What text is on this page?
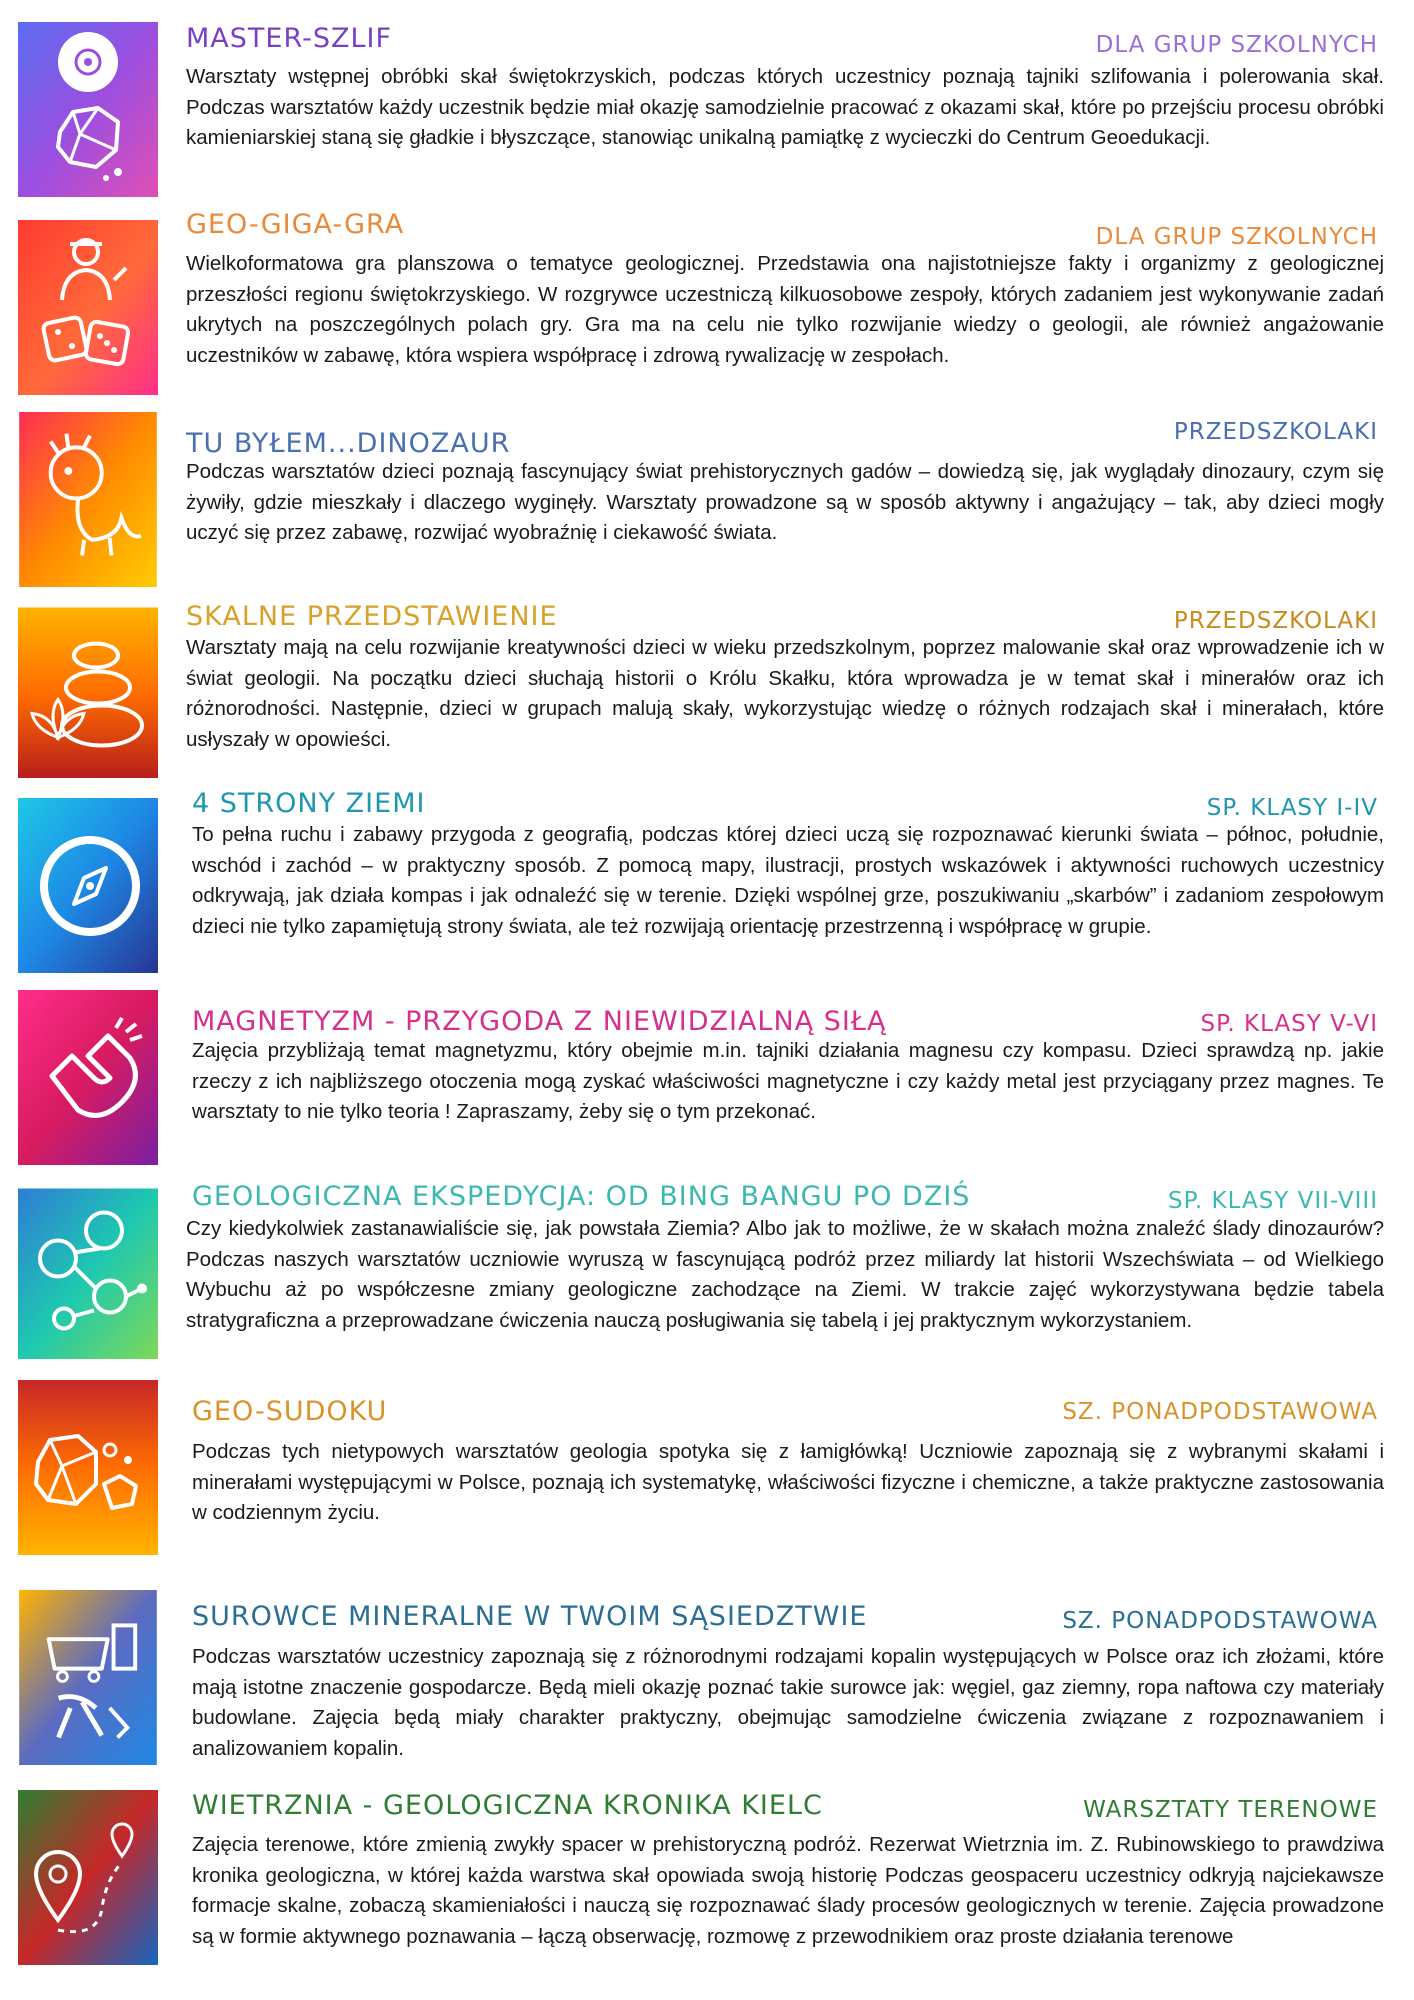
MASTER-SZLIF	DLA GRUP SZKOLNYCH

Warsztaty wstępnej obróbki skał świętokrzyskich, podczas których uczestnicy poznają tajniki szlifowania i polerowania skał. Podczas warsztatów każdy uczestnik będzie miał okazję samodzielnie pracować z okazami skał, które po przejściu procesu obróbki kamieniarskiej staną się gładkie i błyszczące, stanowiąc unikalną pamiątkę z wycieczki do Centrum Geoedukacji.

GEO-GIGA-GRA	DLA GRUP SZKOLNYCH

Wielkoformatowa gra planszowa o tematyce geologicznej. Przedstawia ona najistotniejsze fakty i organizmy z geologicznej przeszłości regionu świętokrzyskiego. W rozgrywce uczestniczą kilkuosobowe zespoły, których zadaniem jest wykonywanie zadań ukrytych na poszczególnych polach gry. Gra ma na celu nie tylko rozwijanie wiedzy o geologii, ale również angażowanie uczestników w zabawę, która wspiera współpracę i zdrową rywalizację w zespołach.

TU BYŁEM...DINOZAUR	PRZEDSZKOLAKI

Podczas warsztatów dzieci poznają fascynujący świat prehistorycznych gadów – dowiedzą się, jak wyglądały dinozaury, czym się żywiły, gdzie mieszkały i dlaczego wyginęły. Warsztaty prowadzone są w sposób aktywny i angażujący – tak, aby dzieci mogły uczyć się przez zabawę, rozwijać wyobraźnię i ciekawość świata.

SKALNE PRZEDSTAWIENIE	PRZEDSZKOLAKI

Warsztaty mają na celu rozwijanie kreatywności dzieci w wieku przedszkolnym, poprzez malowanie skał oraz wprowadzenie ich w świat geologii. Na początku dzieci słuchają historii o Królu Skałku, która wprowadza je w temat skał i minerałów oraz ich różnorodności. Następnie, dzieci w grupach malują skały, wykorzystując wiedzę o różnych rodzajach skał i minerałach, które usłyszały w opowieści.

4 STRONY ZIEMI	SP. KLASY I-IV

To pełna ruchu i zabawy przygoda z geografią, podczas której dzieci uczą się rozpoznawać kierunki świata – północ, południe, wschód i zachód – w praktyczny sposób. Z pomocą mapy, ilustracji, prostych wskazówek i aktywności ruchowych uczestnicy odkrywają, jak działa kompas i jak odnaleźć się w terenie. Dzięki wspólnej grze, poszukiwaniu „skarbów” i zadaniom zespołowym dzieci nie tylko zapamiętują strony świata, ale też rozwijają orientację przestrzenną i współpracę w grupie.

MAGNETYZM - PRZYGODA Z NIEWIDZIALNĄ SIŁĄ	SP. KLASY V-VI

Zajęcia przybliżają temat magnetyzmu, który obejmie m.in. tajniki działania magnesu czy kompasu. Dzieci sprawdzą np. jakie rzeczy z ich najbliższego otoczenia mogą zyskać właściwości magnetyczne i czy każdy metal jest przyciągany przez magnes. Te warsztaty to nie tylko teoria ! Zapraszamy, żeby się o tym przekonać.

GEOLOGICZNA EKSPEDYCJA: OD BING BANGU PO DZIŚ	SP. KLASY VII-VIII

Czy kiedykolwiek zastanawialiście się, jak powstała Ziemia? Albo jak to możliwe, że w skałach można znaleźć ślady dinozaurów? Podczas naszych warsztatów uczniowie wyruszą w fascynującą podróż przez miliardy lat historii Wszechświata – od Wielkiego Wybuchu aż po współczesne zmiany geologiczne zachodzące na Ziemi. W trakcie zajęć wykorzystywana będzie tabela stratygraficzna a przeprowadzane ćwiczenia nauczą posługiwania się tabelą i jej praktycznym wykorzystaniem.

GEO-SUDOKU	SZ. PONADPODSTAWOWA

Podczas tych nietypowych warsztatów geologia spotyka się z łamigłówką! Uczniowie zapoznają się z wybranymi skałami i minerałami występującymi w Polsce, poznają ich systematykę, właściwości fizyczne i chemiczne, a także praktyczne zastosowania w codziennym życiu.

SUROWCE MINERALNE W TWOIM SĄSIEDZTWIE	SZ. PONADPODSTAWOWA

Podczas warsztatów uczestnicy zapoznają się z różnorodnymi rodzajami kopalin występujących w Polsce oraz ich złożami, które mają istotne znaczenie gospodarcze. Będą mieli okazję poznać takie surowce jak: węgiel, gaz ziemny, ropa naftowa czy materiały budowlane. Zajęcia będą miały charakter praktyczny, obejmując samodzielne ćwiczenia związane z rozpoznawaniem i analizowaniem kopalin.

WIETRZNIA - GEOLOGICZNA KRONIKA KIELC	WARSZTATY TERENOWE

Zajęcia terenowe, które zmienią zwykły spacer w prehistoryczną podróż. Rezerwat Wietrznia im. Z. Rubinowskiego to prawdziwa kronika geologiczna, w której każda warstwa skał opowiada swoją historię Podczas geospaceru uczestnicy odkryją najciekawsze formacje skalne, zobaczą skamieniałości i nauczą się rozpoznawać ślady procesów geologicznych w terenie. Zajęcia prowadzone są w formie aktywnego poznawania – łączą obserwację, rozmowę z przewodnikiem oraz proste działania terenowe
